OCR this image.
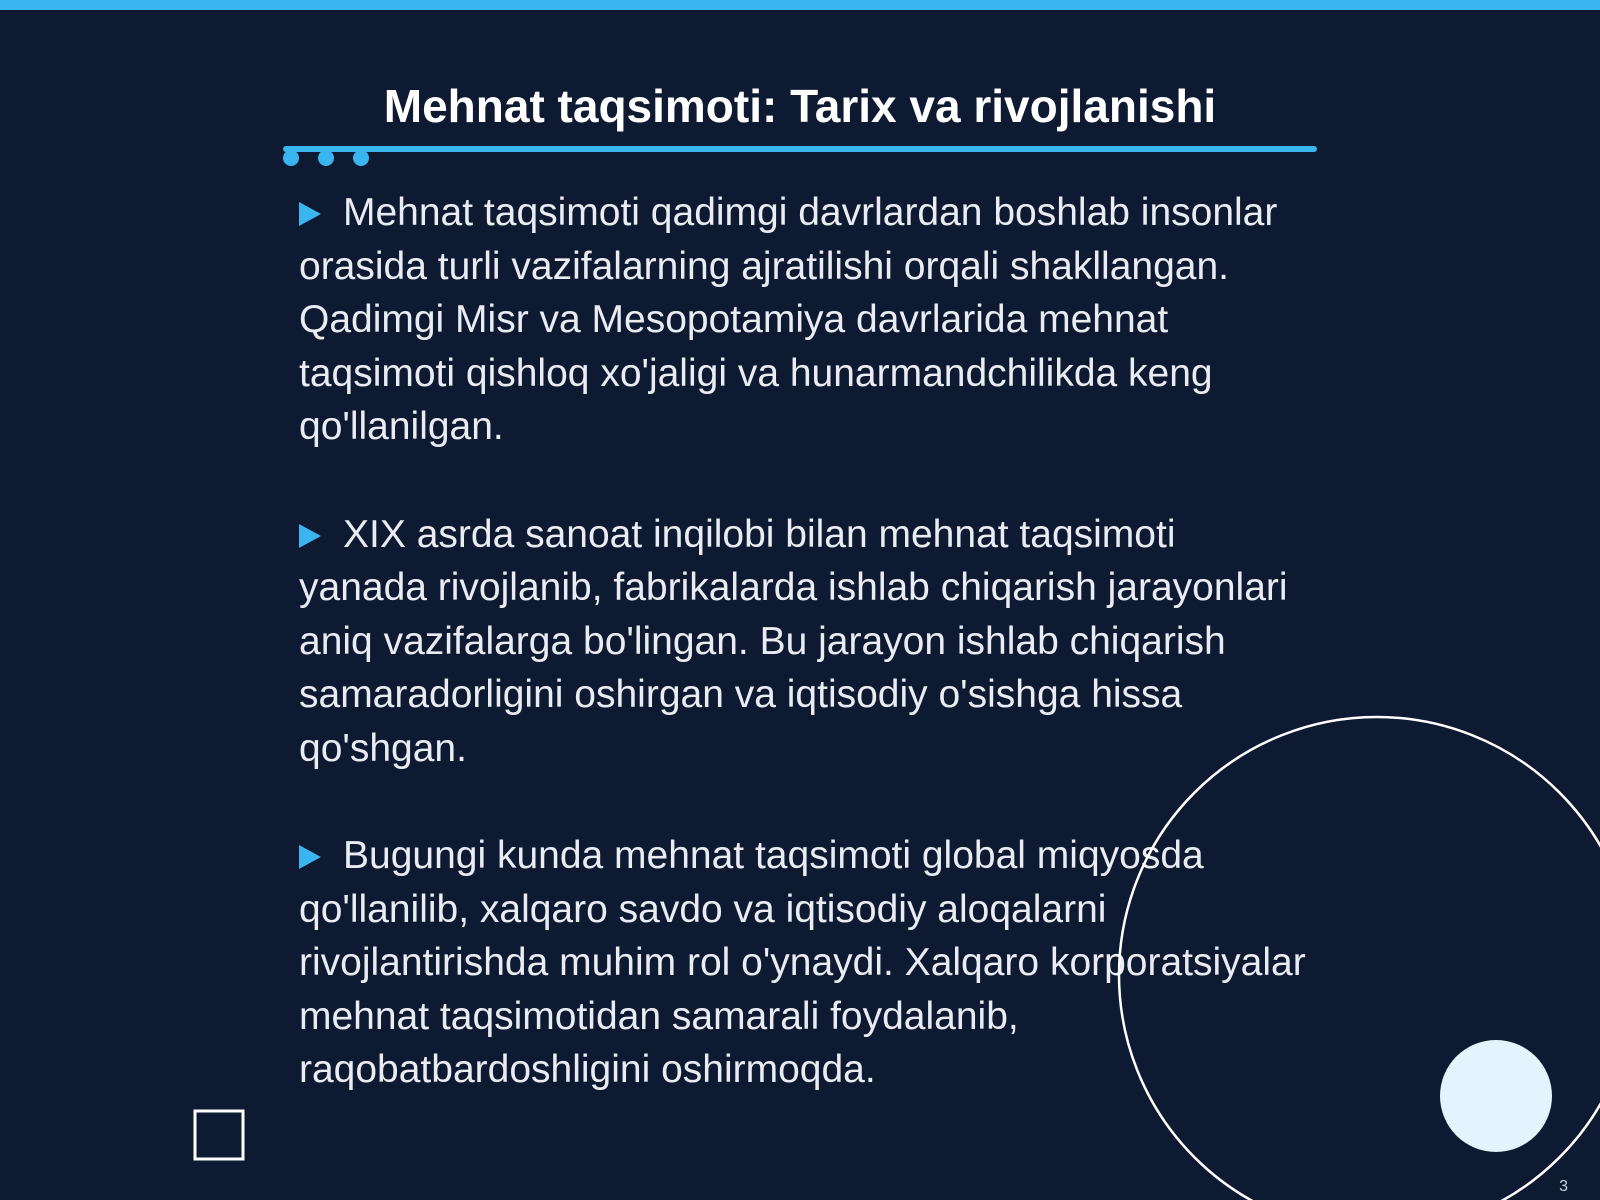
Mehnat taqsimoti: Tarix va rivojlanishi

Mehnat taqsimoti qadimgi davrlardan boshlab insonlar orasida turli vazifalarning ajratilishi orqali shakllangan. Qadimgi Misr va Mesopotamiya davrlarida mehnat taqsimoti qishloq xo'jaligi va hunarmandchilikda keng qo'llanilgan.

XIX asrda sanoat inqilobi bilan mehnat taqsimoti yanada rivojlanib, fabrikalarda ishlab chiqarish jarayonlari aniq vazifalarga bo'lingan. Bu jarayon ishlab chiqarish samaradorligini oshirgan va iqtisodiy o'sishga hissa qo'shgan.

Bugungi kunda mehnat taqsimoti global miqyosda qo'llanilib, xalqaro savdo va iqtisodiy aloqalarni rivojlantirishda muhim rol o'ynaydi. Xalqaro korporatsiyalar mehnat taqsimotidan samarali foydalanib, raqobatbardoshligini oshirmoqda.

3
